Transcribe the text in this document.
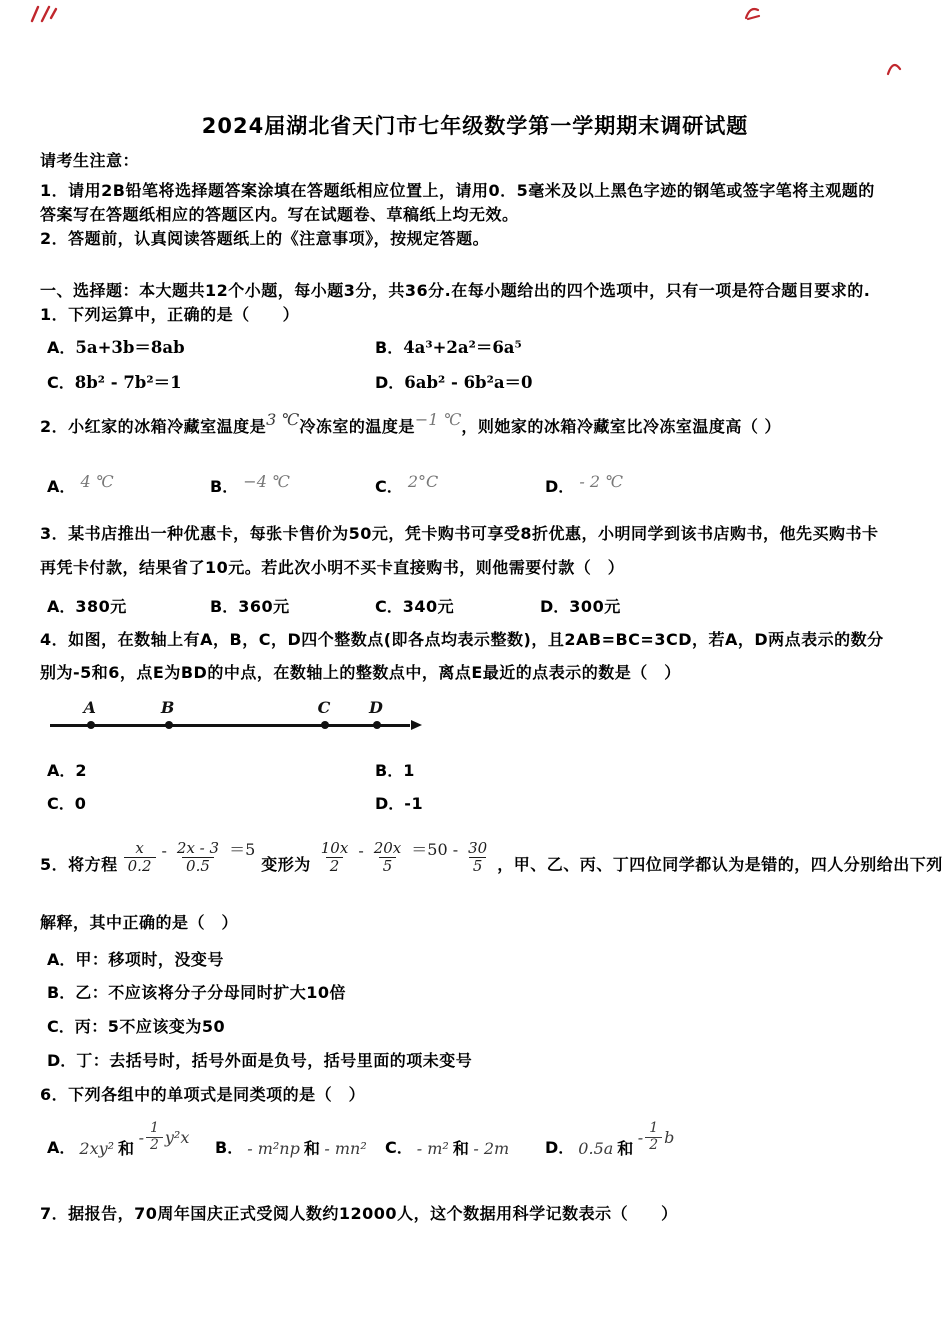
2024届湖北省天门市七年级数学第一学期期末调研试题
请考生注意：
1．请用2B铅笔将选择题答案涂填在答题纸相应位置上，请用0．5毫米及以上黑色字迹的钢笔或签字笔将主观题的
答案写在答题纸相应的答题区内。写在试题卷、草稿纸上均无效。
2．答题前，认真阅读答题纸上的《注意事项》，按规定答题。
一、选择题：本大题共12个小题，每小题3分，共36分.在每小题给出的四个选项中，只有一项是符合题目要求的.
1．下列运算中，正确的是（　　）
A．5a+3b＝8ab	B．4a³+2a²＝6a⁵
C．8b² - 7b²＝1	D．6ab² - 6b²a＝0
2．小红家的冰箱冷藏室温度是3 ℃冷冻室的温度是−1 ℃，则她家的冰箱冷藏室比冷冻室温度高（ ）
A． 4 ℃	B． −4 ℃	C． 2°C	D． - 2 ℃
3．某书店推出一种优惠卡，每张卡售价为50元，凭卡购书可享受8折优惠，小明同学到该书店购书，他先买购书卡
再凭卡付款，结果省了10元。若此次小明不买卡直接购书，则他需要付款（　）
A．380元	B．360元	C．340元	D．300元
4．如图，在数轴上有A，B，C，D四个整数点(即各点均表示整数)，且2AB=BC=3CD，若A，D两点表示的数分
别为-5和6，点E为BD的中点，在数轴上的整数点中，离点E最近的点表示的数是（　）
A	B	C D
A．2	B．1
C．0	D．-1
5．将方程 $\frac{x}{0.2} - \frac{2x - 3}{0.5} =5$
变形为 $\frac{10x}{2} - \frac{20x}{5} =50 - \frac{30}{5}$ ，甲、乙、丙、丁四位同学都认为是错的，四人分别给出下列
解释，其中正确的是（　）
A．甲：移项时，没变号
B．乙：不应该将分子分母同时扩大10倍
C．丙：5不应该变为50
D．丁：去括号时，括号外面是负号，括号里面的项未变号
6．下列各组中的单项式是同类项的是（　）
A． 2xy² 和
- $\frac{1}{2} y^2x$
B． - m²np 和 - mn² C． - m² 和 - 2m D． 0.5a 和
- $\frac{1}{2}$ b
7．据报告，70周年国庆正式受阅人数约12000人，这个数据用科学记数表示（　　）
